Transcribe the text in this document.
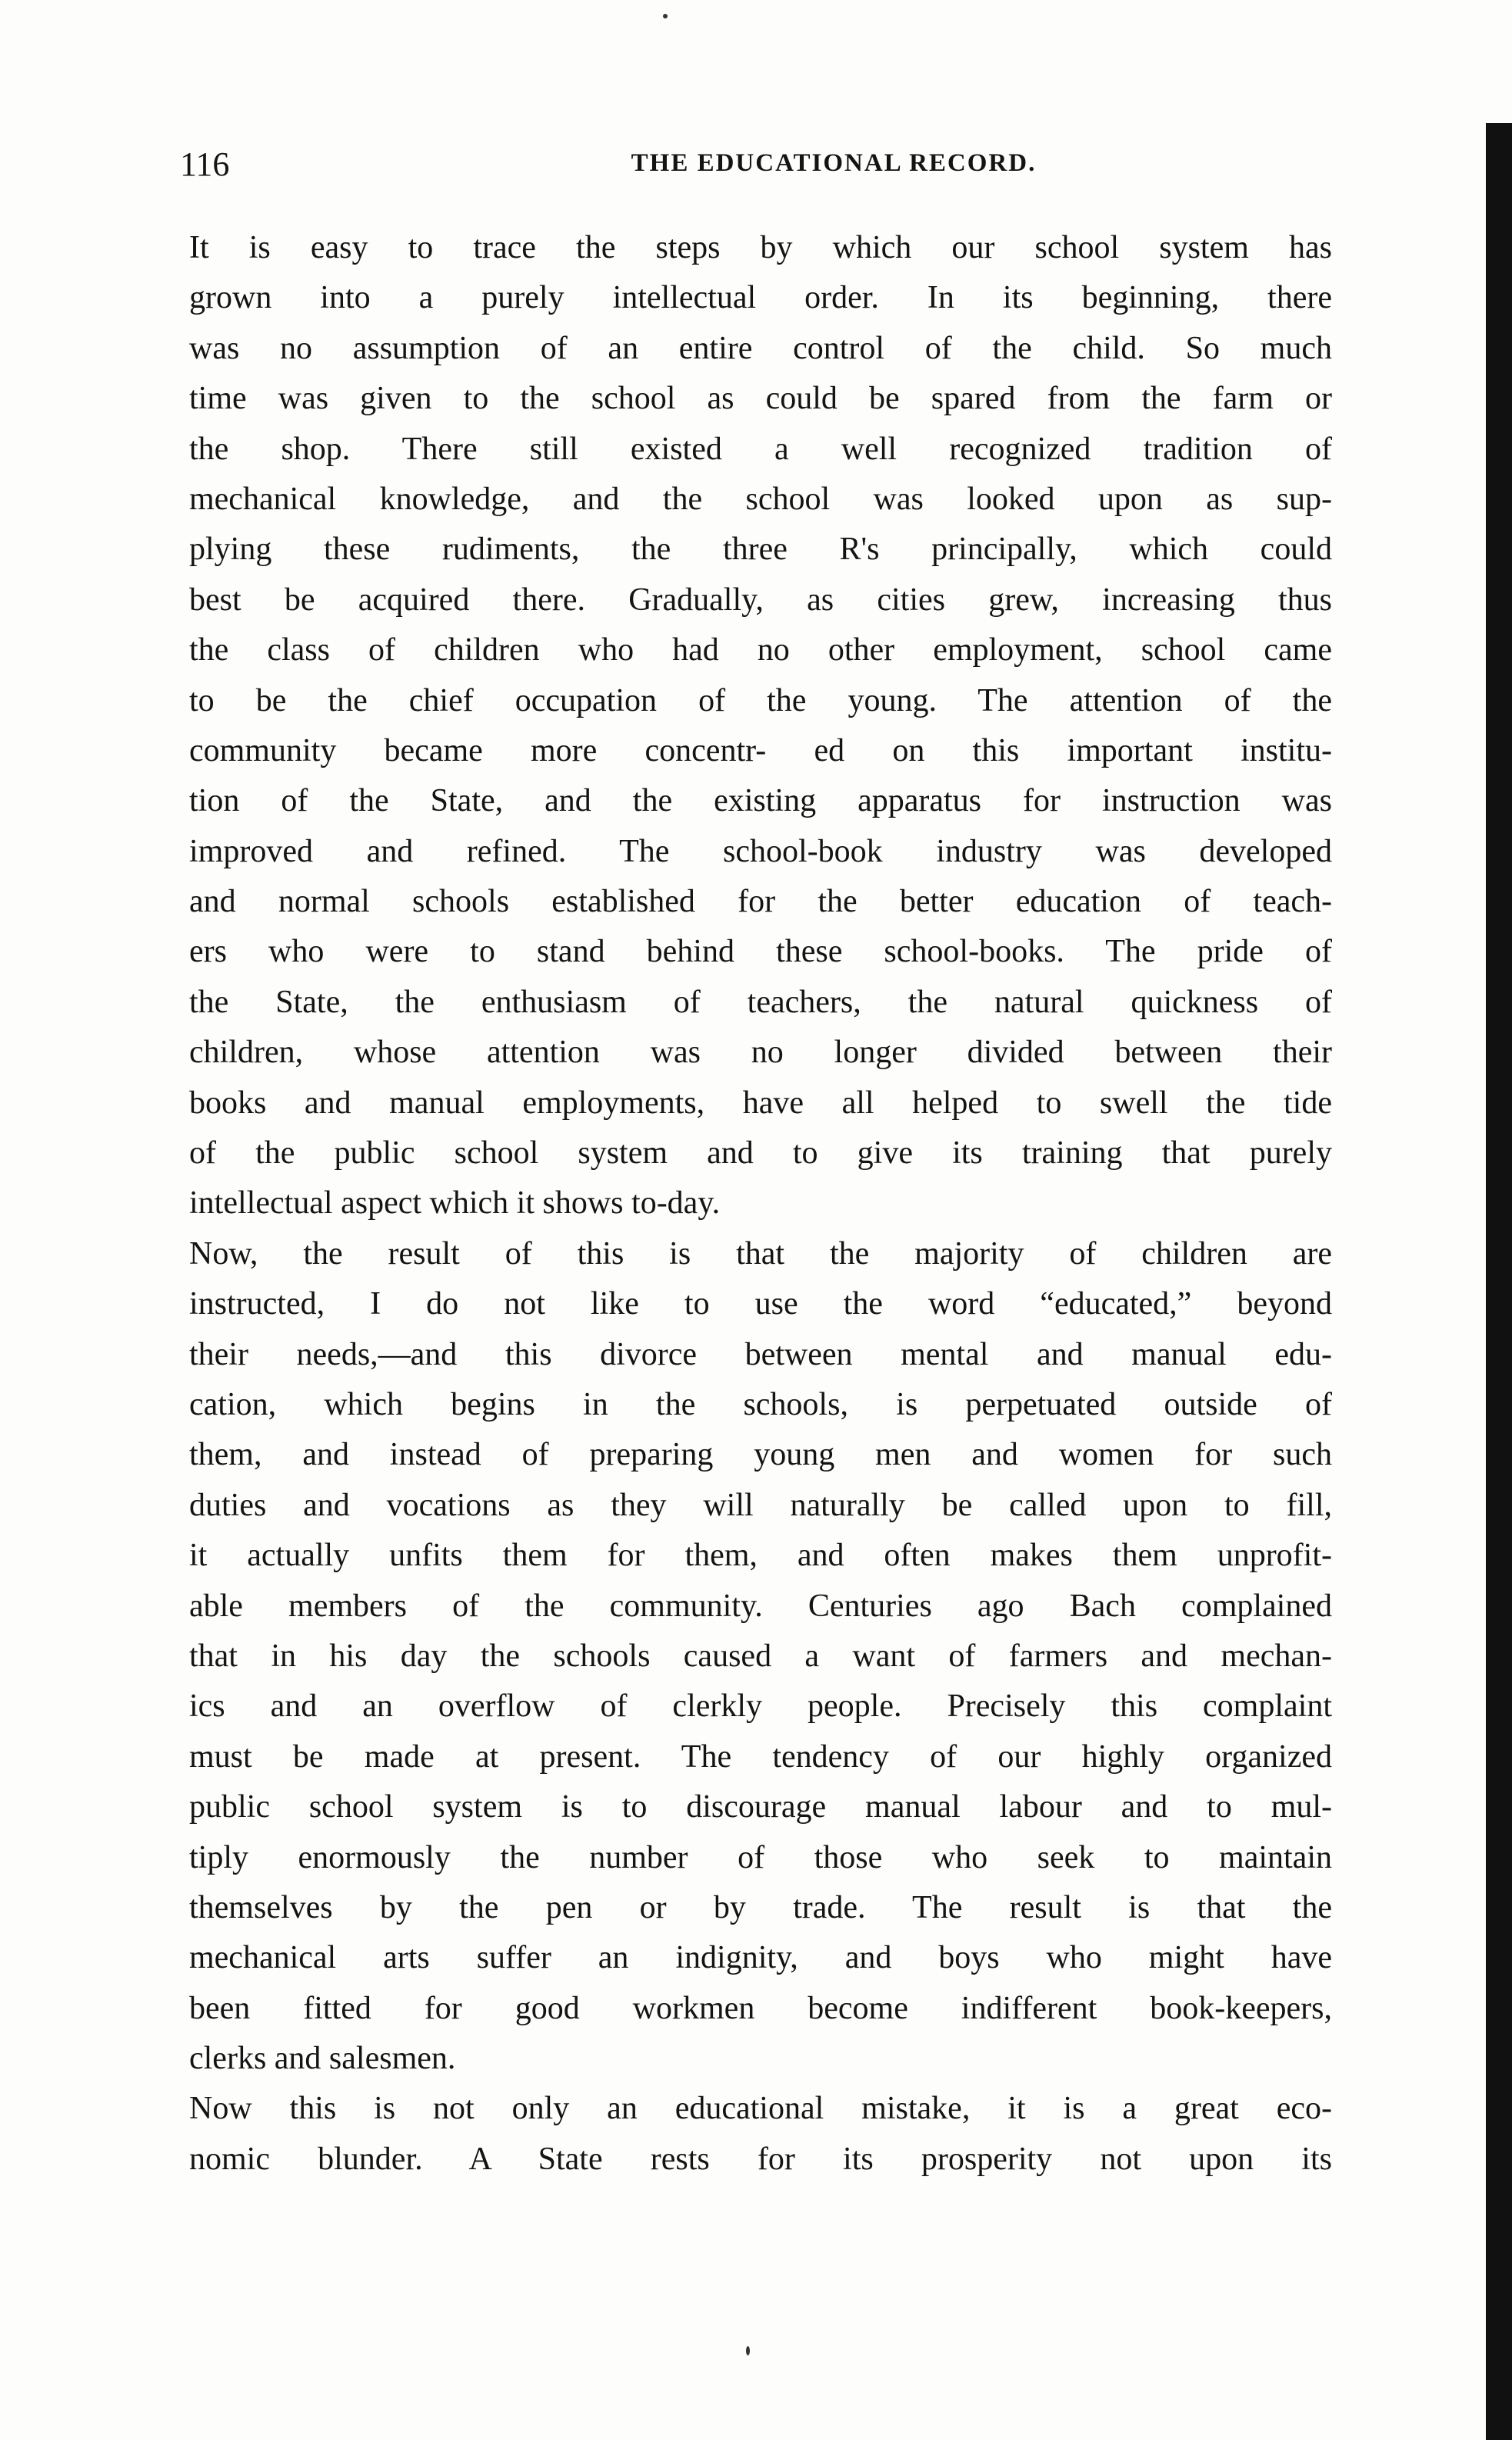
116	THE EDUCATIONAL RECORD.
It is easy to trace the steps by which our school system has
grown into a purely intellectual order. In its beginning, there
was no assumption of an entire control of the child. So much
time was given to the school as could be spared from the farm or
the shop. There still existed a well recognized tradition of
mechanical knowledge, and the school was looked upon as sup-
plying these rudiments, the three R's principally, which could
best be acquired there. Gradually, as cities grew, increasing thus
the class of children who had no other employment, school came
to be the chief occupation of the young. The attention of the
community became more concentr- ed on this important institu-
tion of the State, and the existing apparatus for instruction was
improved and refined. The school-book industry was developed
and normal schools established for the better education of teach-
ers who were to stand behind these school-books. The pride of
the State, the enthusiasm of teachers, the natural quickness of
children, whose attention was no longer divided between their
books and manual employments, have all helped to swell the tide
of the public school system and to give its training that purely
intellectual aspect which it shows to-day.
Now, the result of this is that the majority of children are
instructed, I do not like to use the word “educated,” beyond
their needs,—and this divorce between mental and manual edu-
cation, which begins in the schools, is perpetuated outside of
them, and instead of preparing young men and women for such
duties and vocations as they will naturally be called upon to fill,
it actually unfits them for them, and often makes them unprofit-
able members of the community. Centuries ago Bach complained
that in his day the schools caused a want of farmers and mechan-
ics and an overflow of clerkly people. Precisely this complaint
must be made at present. The tendency of our highly organized
public school system is to discourage manual labour and to mul-
tiply enormously the number of those who seek to maintain
themselves by the pen or by trade. The result is that the
mechanical arts suffer an indignity, and boys who might have
been fitted for good workmen become indifferent book-keepers,
clerks and salesmen.
Now this is not only an educational mistake, it is a great eco-
nomic blunder. A State rests for its prosperity not upon its
